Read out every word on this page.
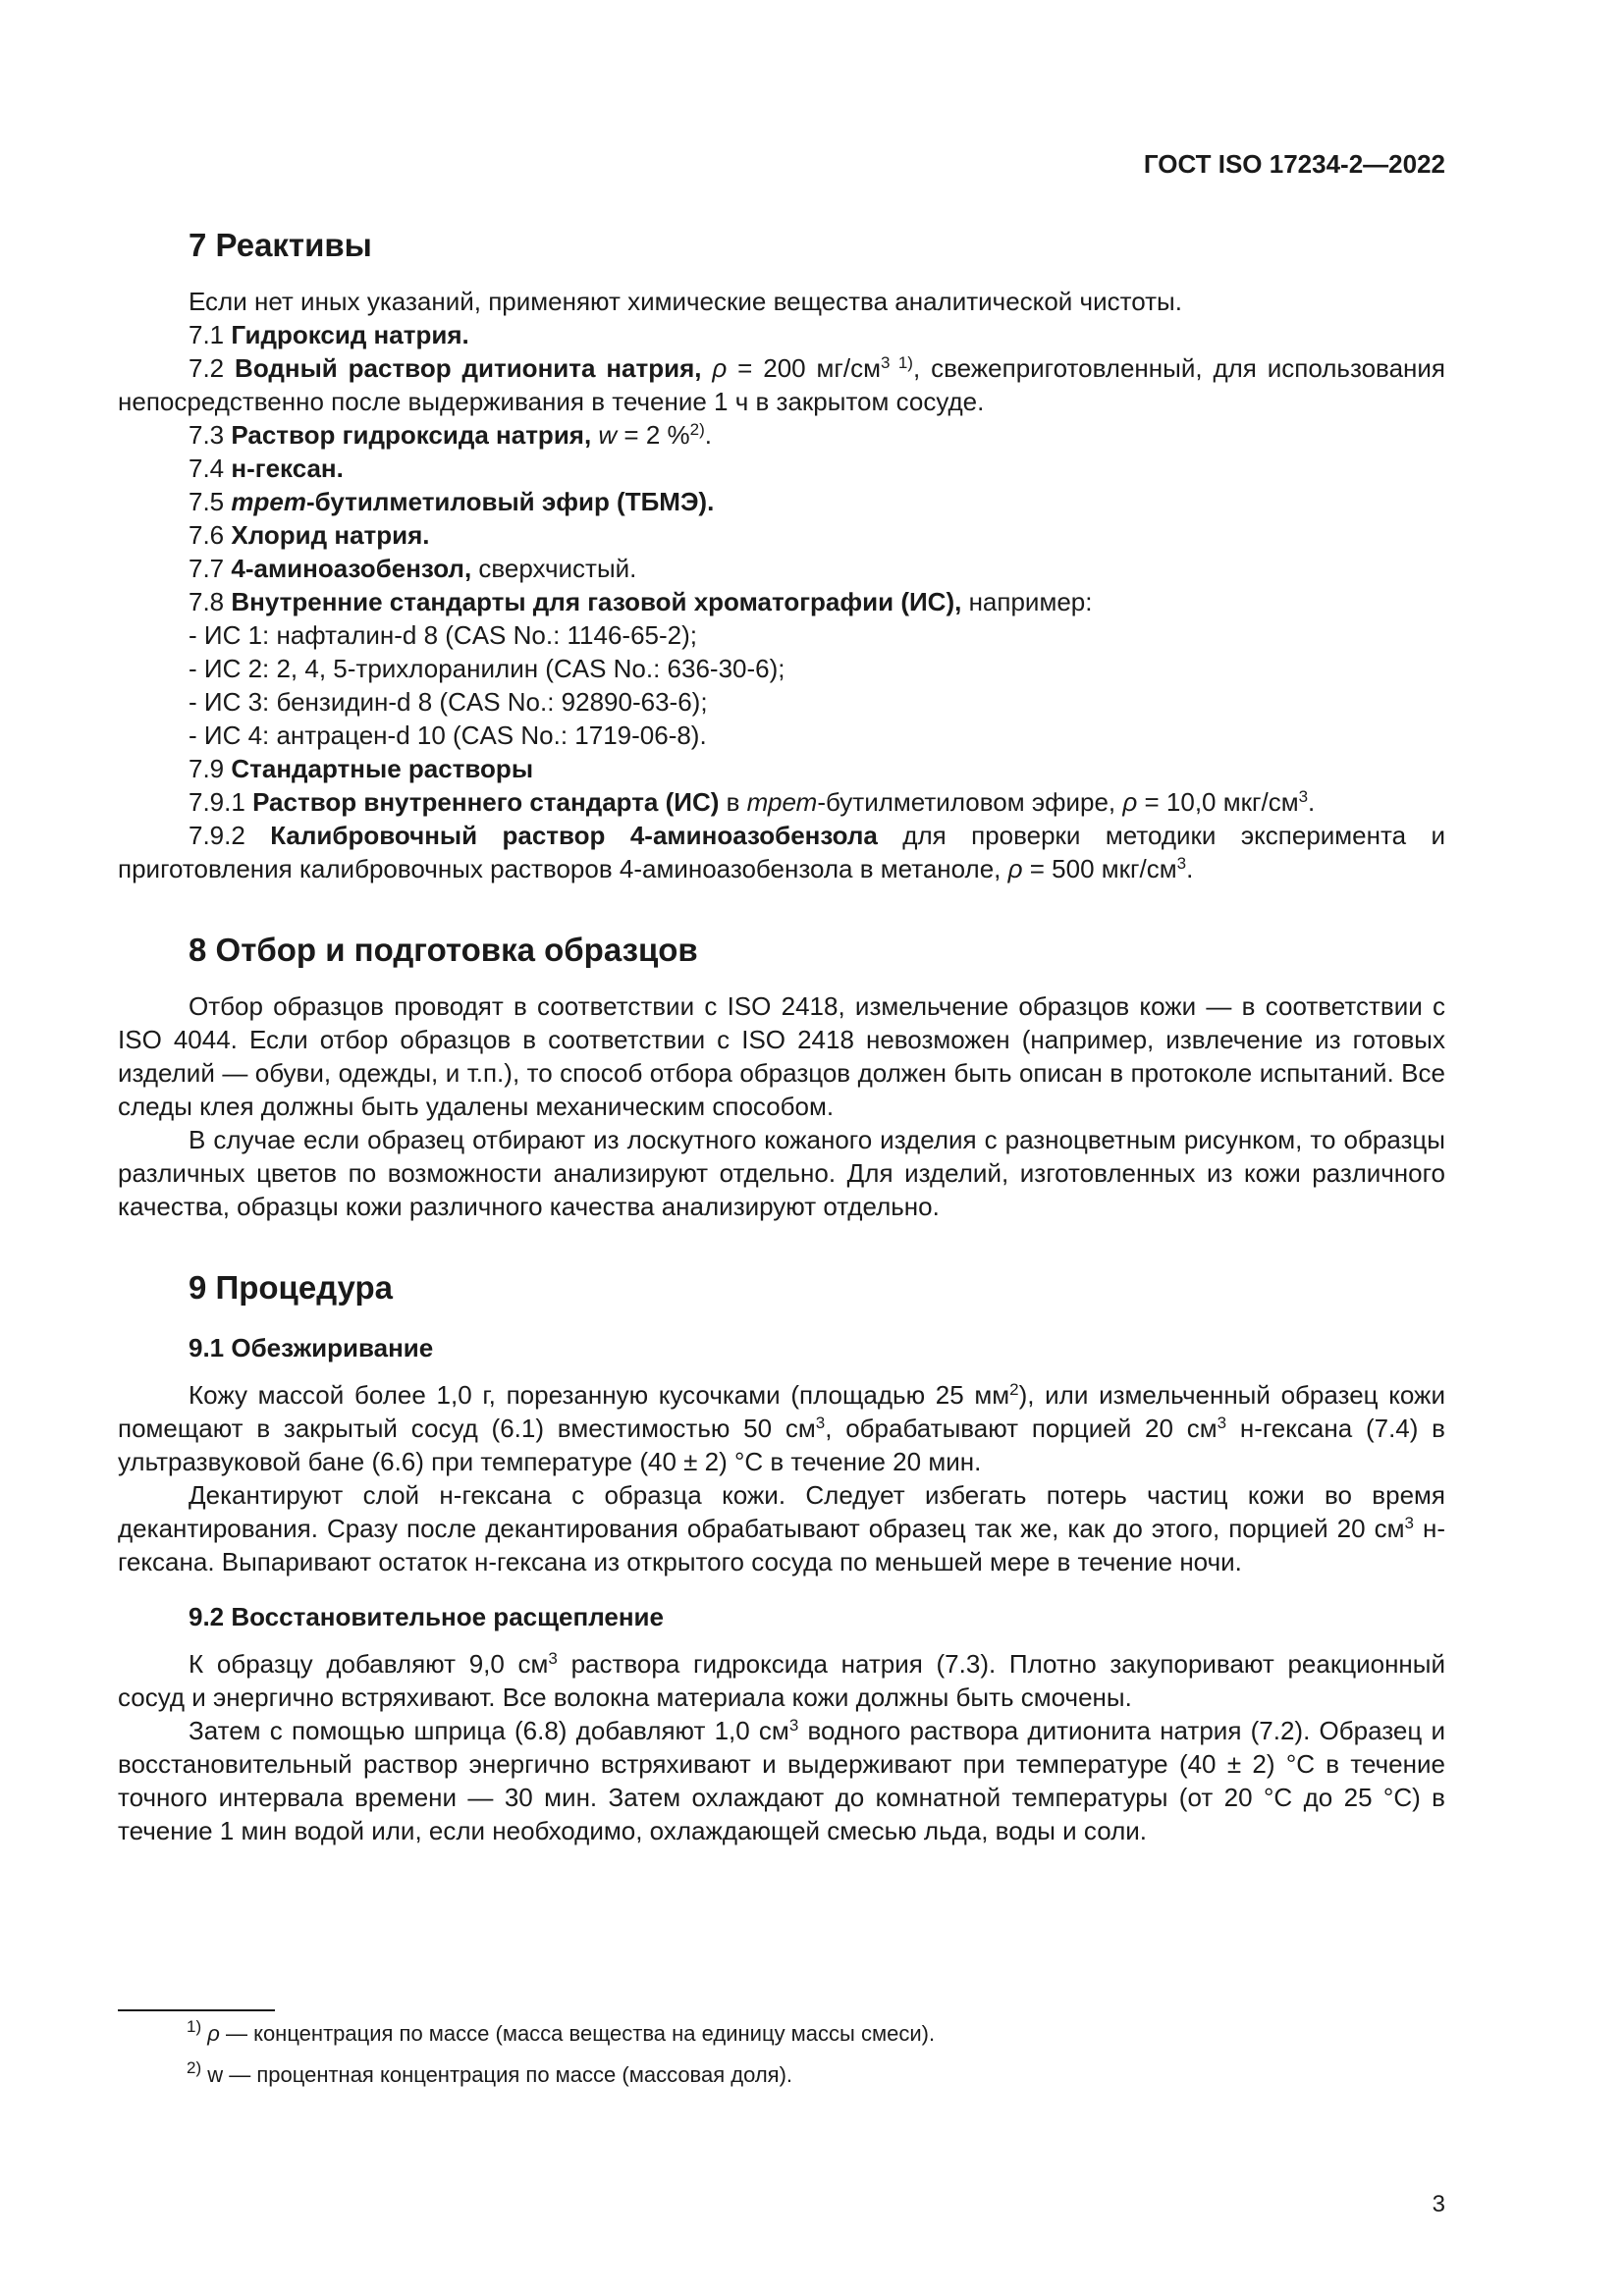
ГОСТ ISO 17234-2—2022
7 Реактивы

Если нет иных указаний, применяют химические вещества аналитической чистоты.

7.1 Гидроксид натрия.

7.2 Водный раствор дитионита натрия, ρ = 200 $мг/см^{3 1)}$, свежеприготовленный, для использования непосредственно после выдерживания в течение 1 ч в закрытом сосуде.

7.3 Раствор гидроксида натрия, w = 2 %$^{2)}$.

7.4 н-гексан.

7.5 трет-бутилметиловый эфир (ТБМЭ).

7.6 Хлорид натрия.

7.7 4-аминоазобензол, сверхчистый.

7.8 Внутренние стандарты для газовой хроматографии (ИС), например:

- ИС 1: нафталин-d 8 (CAS No.: 1146-65-2);

- ИС 2: 2, 4, 5-трихлоранилин (CAS No.: 636-30-6);

- ИС 3: бензидин-d 8 (CAS No.: 92890-63-6);

- ИС 4: антрацен-d 10 (CAS No.: 1719-06-8).

7.9 Стандартные растворы

7.9.1 Раствор внутреннего стандарта (ИС) в трет-бутилметиловом эфире, ρ = 10,0 мкг/$см^3$.

7.9.2 Калибровочный раствор 4-аминоазобензола для проверки методики эксперимента и приготовления калибровочных растворов 4-аминоазобензола в метаноле, ρ = 500 мкг/$см^3$.

8 Отбор и подготовка образцов

Отбор образцов проводят в соответствии с ISO 2418, измельчение образцов кожи — в соответствии с ISO 4044. Если отбор образцов в соответствии с ISO 2418 невозможен (например, извлечение из готовых изделий — обуви, одежды, и т.п.), то способ отбора образцов должен быть описан в протоколе испытаний. Все следы клея должны быть удалены механическим способом.

В случае если образец отбирают из лоскутного кожаного изделия с разноцветным рисунком, то образцы различных цветов по возможности анализируют отдельно. Для изделий, изготовленных из кожи различного качества, образцы кожи различного качества анализируют отдельно.

9 Процедура
9.1 Обезжиривание

Кожу массой более 1,0 г, порезанную кусочками (площадью 25 $мм^2$), или измельченный образец кожи помещают в закрытый сосуд (6.1) вместимостью 50 $см^3$, обрабатывают порцией 20 $см^3$ н-гексана (7.4) в ультразвуковой бане (6.6) при температуре (40 ± 2) °С в течение 20 мин.

Декантируют слой н-гексана с образца кожи. Следует избегать потерь частиц кожи во время декантирования. Сразу после декантирования обрабатывают образец так же, как до этого, порцией 20 $см^3$ н-гексана. Выпаривают остаток н-гексана из открытого сосуда по меньшей мере в течение ночи.

9.2 Восстановительное расщепление

К образцу добавляют 9,0 $см^3$ раствора гидроксида натрия (7.3). Плотно закупоривают реакционный сосуд и энергично встряхивают. Все волокна материала кожи должны быть смочены.

Затем с помощью шприца (6.8) добавляют 1,0 $см^3$ водного раствора дитионита натрия (7.2). Образец и восстановительный раствор энергично встряхивают и выдерживают при температуре (40 ± 2) °С в течение точного интервала времени — 30 мин. Затем охлаждают до комнатной температуры (от 20 °С до 25 °С) в течение 1 мин водой или, если необходимо, охлаждающей смесью льда, воды и соли.

$^{1)}$ ρ — концентрация по массе (масса вещества на единицу массы смеси).
$^{2)}$ w — процентная концентрация по массе (массовая доля).
3
